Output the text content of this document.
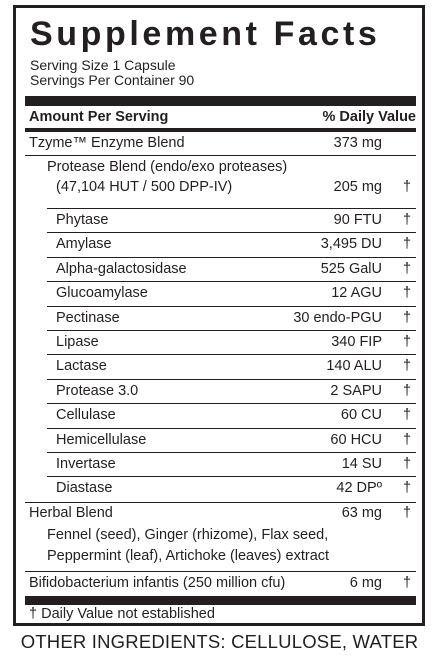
Supplement Facts
Serving Size 1 Capsule
Servings Per Container 90
Amount Per Serving	% Daily Value
Tzyme™ Enzyme Blend	373 mg
Protease Blend (endo/exo proteases)
(47,104 HUT / 500 DPP-IV)	205 mg †
Phytase	90 FTU †
Amylase	3,495 DU †
Alpha-galactosidase	525 GalU †
Glucoamylase	12 AGU †
Pectinase	30 endo-PGU †
Lipase	340 FIP †
Lactase	140 ALU †
Protease 3.0	2 SAPU †
Cellulase	60 CU †
Hemicellulase	60 HCU †
Invertase	14 SU †
Diastase	42 DPº †
Herbal Blend	63 mg †
Fennel (seed), Ginger (rhizome), Flax seed,
Peppermint (leaf), Artichoke (leaves) extract
Bifidobacterium infantis (250 million cfu)	6 mg †
† Daily Value not established
OTHER INGREDIENTS: CELLULOSE, WATER
